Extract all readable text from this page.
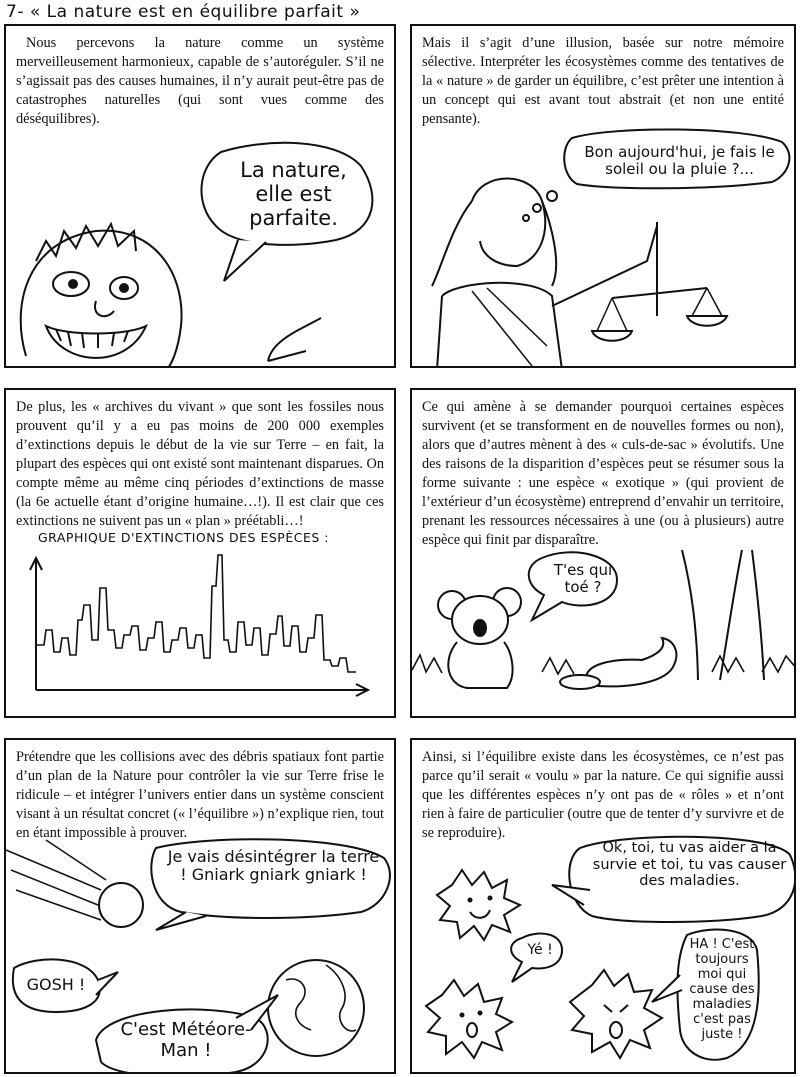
7- « La nature est en équilibre parfait »
Nous percevons la nature comme un système merveilleusement harmonieux, capable de s’autoréguler. S’il ne s’agissait pas des causes humaines, il n’y aurait peut-être pas de catastrophes naturelles (qui sont vues comme des déséquilibres).
La nature, elle est parfaite.
Mais il s’agit d’une illusion, basée sur notre mémoire sélective. Interpréter les écosystèmes comme des tentatives de la « nature » de garder un équilibre, c’est prêter une intention à un concept qui est avant tout abstrait (et non une entité pensante).
Bon aujourd'hui, je fais le soleil ou la pluie ?...
De plus, les « archives du vivant » que sont les fossiles nous prouvent qu’il y a eu pas moins de 200 000 exemples d’extinctions depuis le début de la vie sur Terre – en fait, la plupart des espèces qui ont existé sont maintenant disparues. On compte même au même cinq périodes d’extinctions de masse (la 6e actuelle étant d’origine humaine…!). Il est clair que ces extinctions ne suivent pas un « plan » préétabli…!
GRAPHIQUE D'EXTINCTIONS DES ESPÈCES :
Ce qui amène à se demander pourquoi certaines espèces survivent (et se transforment en de nouvelles formes ou non), alors que d’autres mènent à des « culs-de-sac » évolutifs. Une des raisons de la disparition d’espèces peut se résumer sous la forme suivante : une espèce « exotique » (qui provient de l’extérieur d’un écosystème) entreprend d’envahir un territoire, prenant les ressources nécessaires à une (ou à plusieurs) autre espèce qui finit par disparaître.
T'es qui toé ?
Prétendre que les collisions avec des débris spatiaux font partie d’un plan de la Nature pour contrôler la vie sur Terre frise le ridicule – et intégrer l’univers entier dans un système conscient visant à un résultat concret (« l’équilibre ») n’explique rien, tout en étant impossible à prouver.
Je vais désintégrer la terre ! Gniark gniark gniark !
GOSH !
C'est Météore-Man !
Ainsi, si l’équilibre existe dans les écosystèmes, ce n’est pas parce qu’il serait « voulu » par la nature. Ce qui signifie aussi que les différentes espèces n’y ont pas de « rôles » et n’ont rien à faire de particulier (outre que de tenter d’y survivre et de se reproduire).
Ok, toi, tu vas aider à la survie et toi, tu vas causer des maladies.
Yé !	HA ! C'est toujours moi qui cause des maladies c'est pas juste !
